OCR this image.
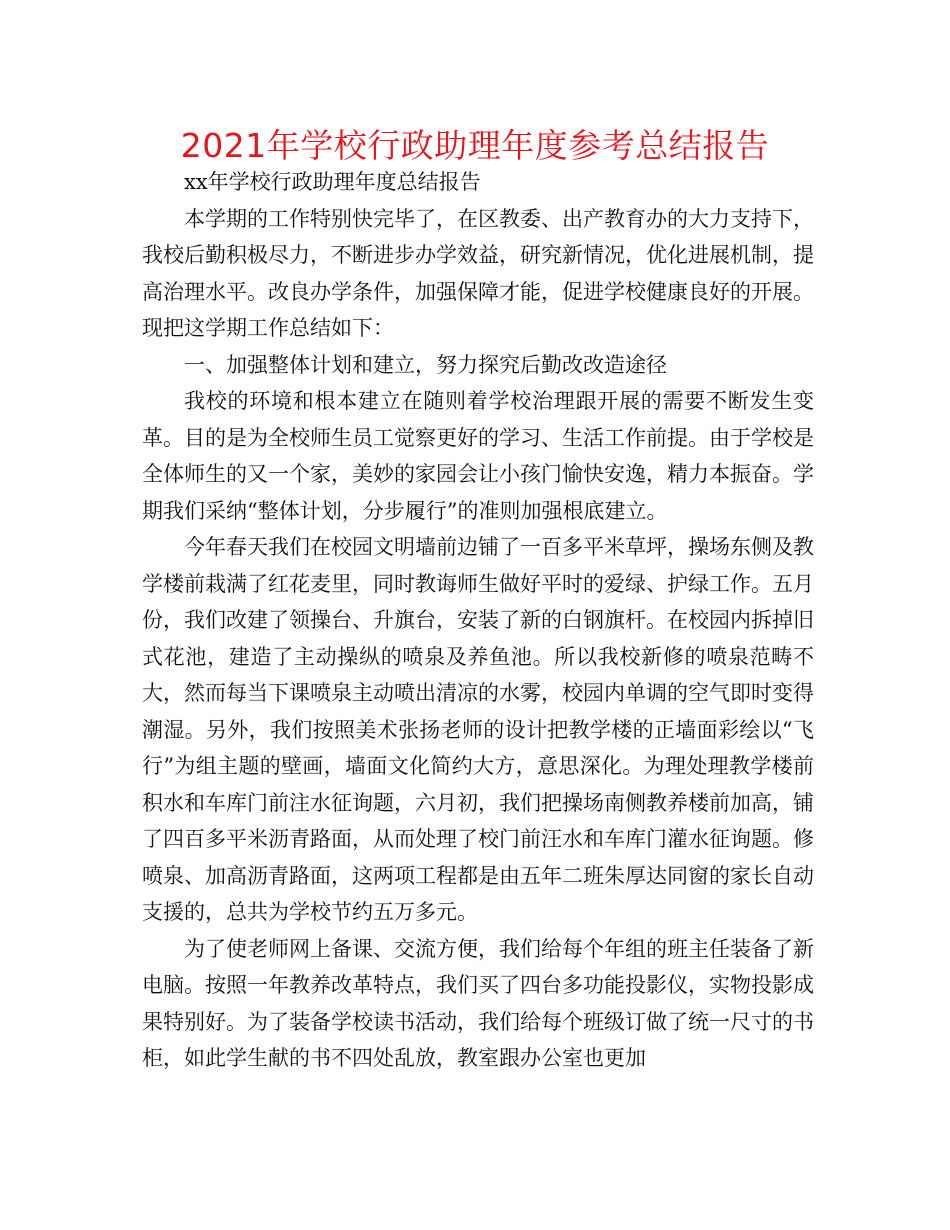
2021年学校行政助理年度参考总结报告

xx年学校行政助理年度总结报告

本学期的工作特别快完毕了，在区教委、出产教育办的大力支持下，我校后勤积极尽力，不断进步办学效益，研究新情况，优化进展机制，提高治理水平。改良办学条件，加强保障才能，促进学校健康良好的开展。现把这学期工作总结如下：

一、加强整体计划和建立，努力探究后勤改改造途径

我校的环境和根本建立在随则着学校治理跟开展的需要不断发生变革。目的是为全校师生员工觉察更好的学习、生活工作前提。由于学校是全体师生的又一个家，美妙的家园会让小孩门愉快安逸，精力本振奋。学期我们采纳“整体计划，分步履行”的准则加强根底建立。

今年春天我们在校园文明墙前边铺了一百多平米草坪，操场东侧及教学楼前栽满了红花麦里，同时教诲师生做好平时的爱绿、护绿工作。五月份，我们改建了领操台、升旗台，安装了新的白钢旗杆。在校园内拆掉旧式花池，建造了主动操纵的喷泉及养鱼池。所以我校新修的喷泉范畴不大，然而每当下课喷泉主动喷出清凉的水雾，校园内单调的空气即时变得潮湿。另外，我们按照美术张扬老师的设计把教学楼的正墙面彩绘以“飞行”为组主题的壁画，墙面文化简约大方，意思深化。为理处理教学楼前积水和车库门前注水征询题，六月初，我们把操场南侧教养楼前加高，铺了四百多平米沥青路面，从而处理了校门前汪水和车库门灌水征询题。修喷泉、加高沥青路面，这两项工程都是由五年二班朱厚达同窗的家长自动支援的，总共为学校节约五万多元。

为了使老师网上备课、交流方便，我们给每个年组的班主任装备了新电脑。按照一年教养改革特点，我们买了四台多功能投影仪，实物投影成果特别好。为了装备学校读书活动，我们给每个班级订做了统一尺寸的书柜，如此学生献的书不四处乱放，教室跟办公室也更加
